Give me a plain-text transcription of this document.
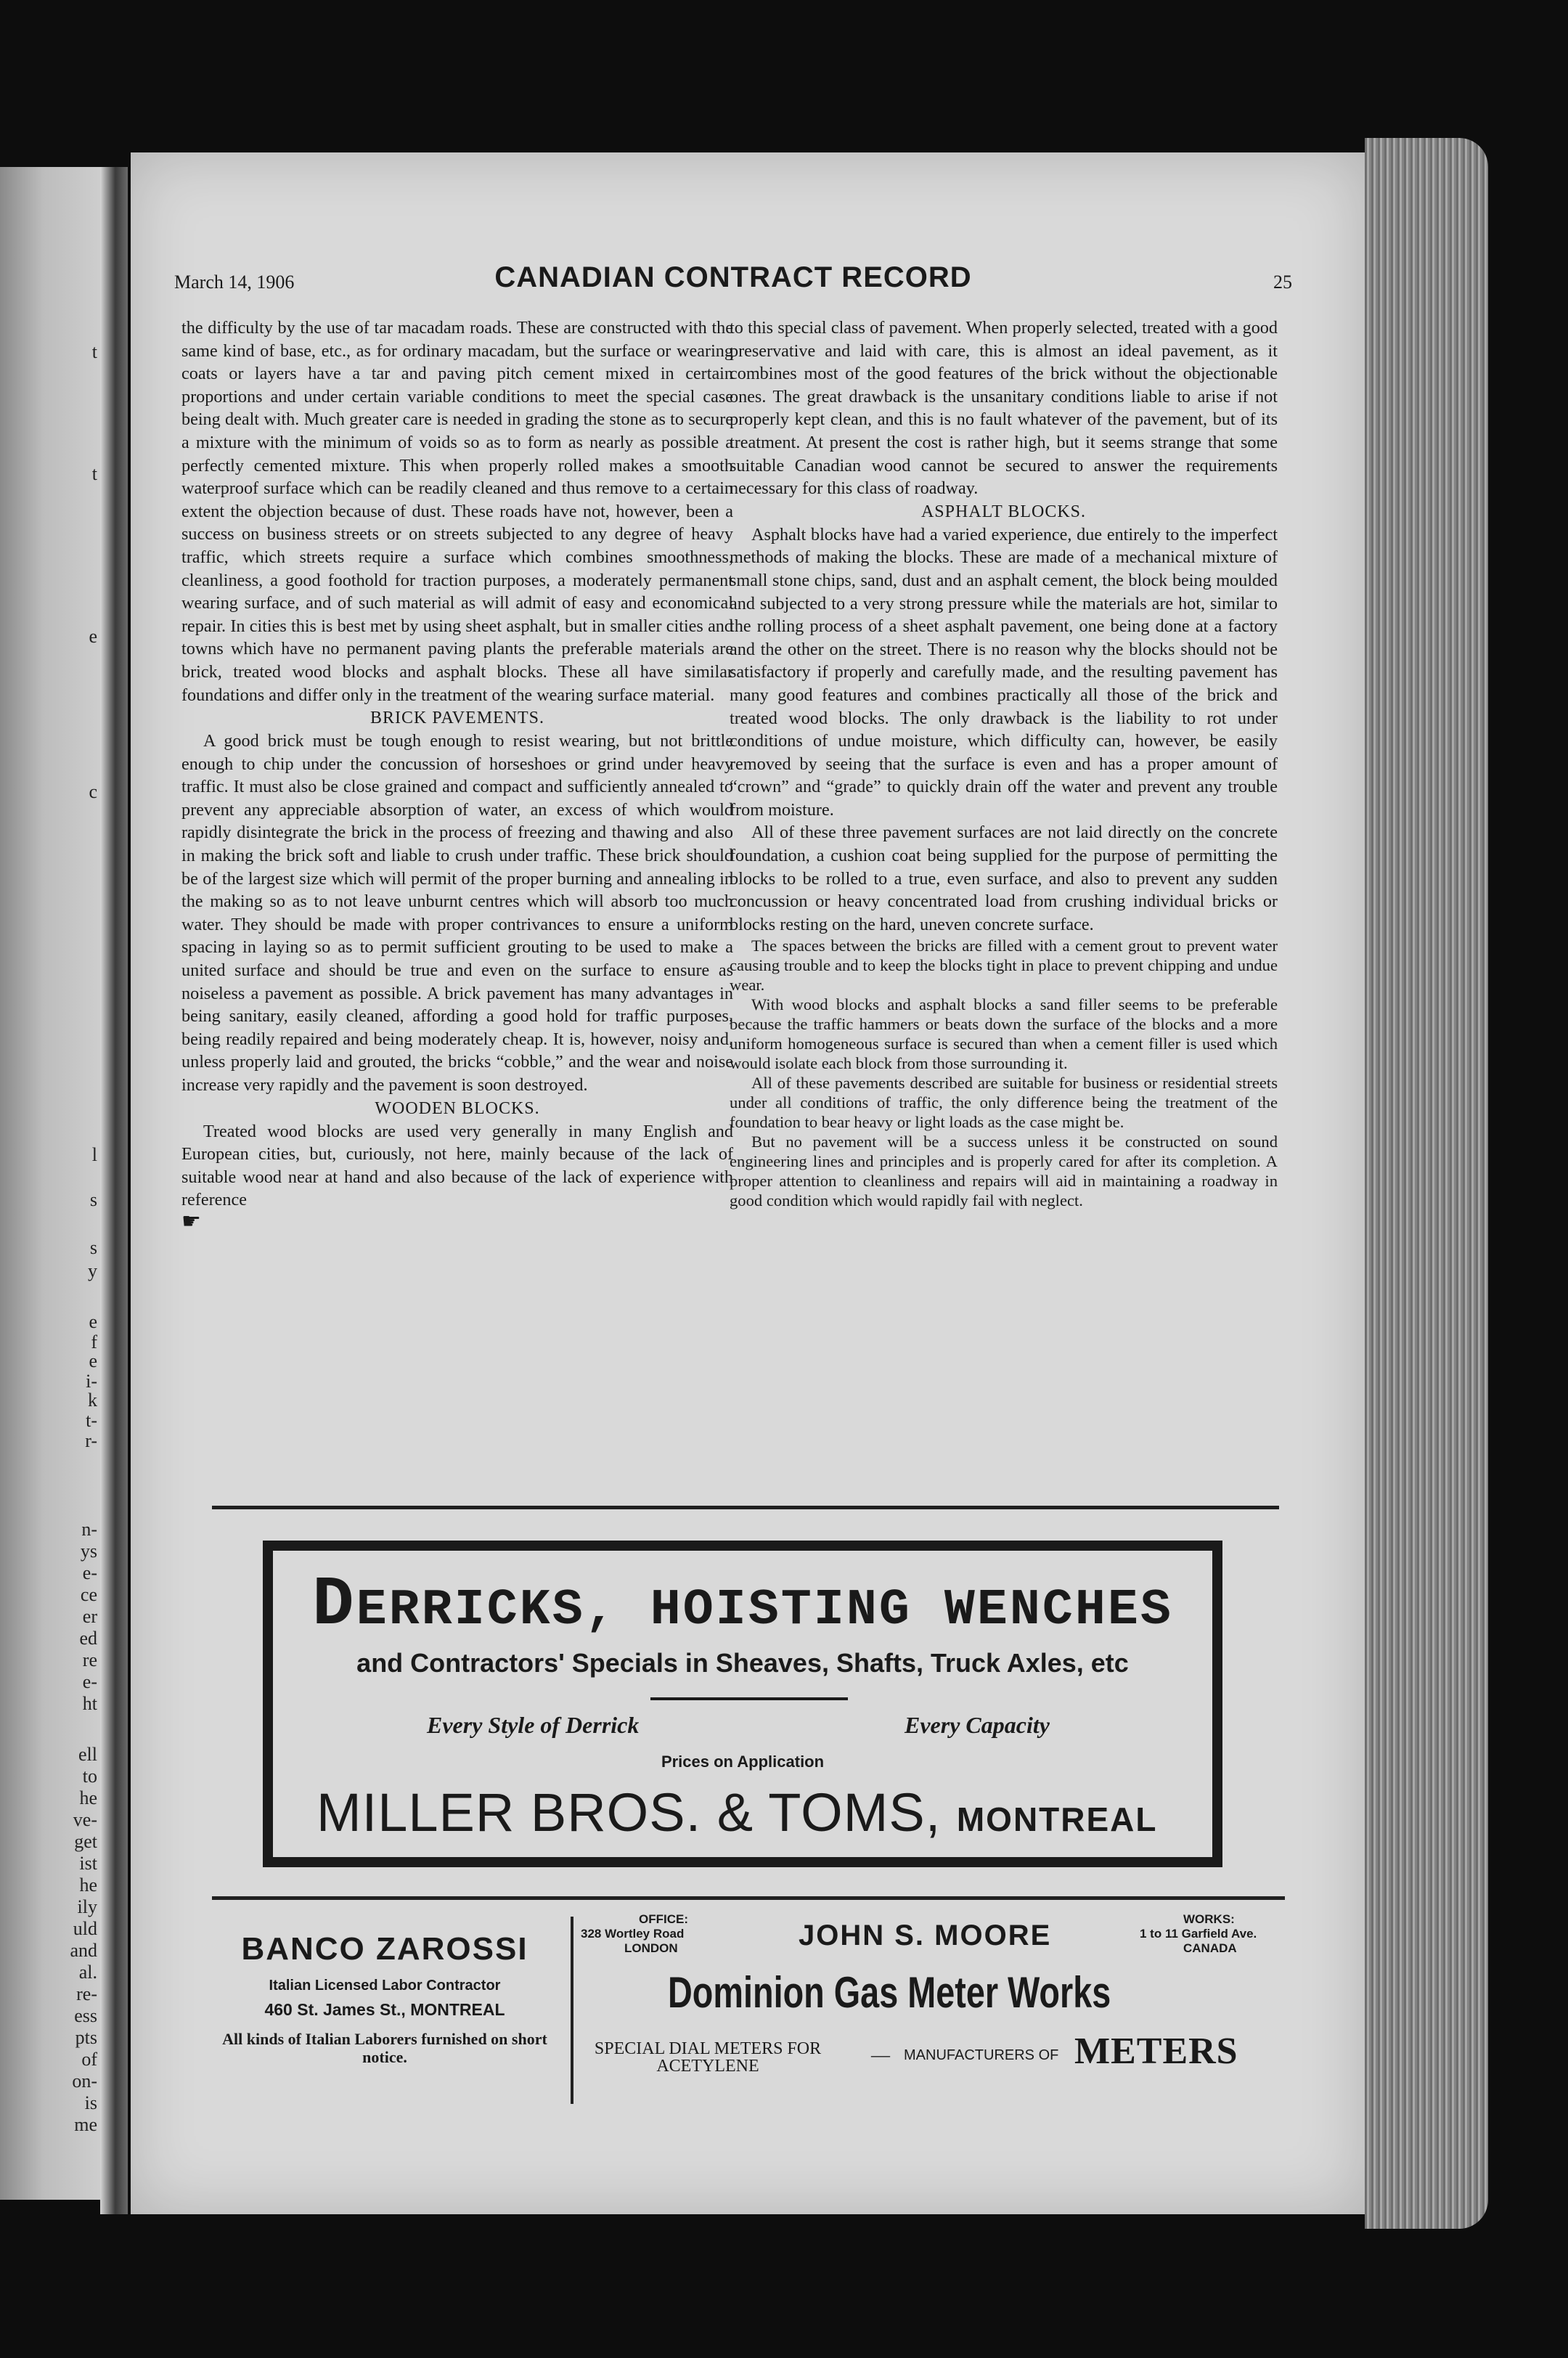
t
t
e
c
l
s
s
y
e
f
e
i-
k
t-
r-
n-
ys
e-
ce
er
ed
re
e-
ht
ell
to
he
ve-
get
ist
he
ily
uld
and
al.
re-
ess
pts
of
on-
is
me
March 14, 1906	CANADIAN CONTRACT RECORD	25

the difficulty by the use of tar macadam roads. These are constructed with the same kind of base, etc., as for ordinary macadam, but the surface or wearing coats or layers have a tar and paving pitch cement mixed in certain proportions and under certain variable conditions to meet the special case being dealt with. Much greater care is needed in grading the stone as to secure a mixture with the minimum of voids so as to form as nearly as possible a perfectly cemented mixture. This when properly rolled makes a smooth waterproof surface which can be readily cleaned and thus remove to a certain extent the objection because of dust. These roads have not, however, been a success on business streets or on streets subjected to any degree of heavy traffic, which streets require a surface which combines smoothness, cleanliness, a good foothold for traction purposes, a moderately permanent wearing surface, and of such material as will admit of easy and economical repair. In cities this is best met by using sheet asphalt, but in smaller cities and towns which have no permanent paving plants the preferable materials are brick, treated wood blocks and asphalt blocks. These all have similar foundations and differ only in the treatment of the wearing surface material.

BRICK PAVEMENTS.

A good brick must be tough enough to resist wearing, but not brittle enough to chip under the concussion of horseshoes or grind under heavy traffic. It must also be close grained and compact and sufficiently annealed to prevent any appreciable absorption of water, an excess of which would rapidly disintegrate the brick in the process of freezing and thawing and also in making the brick soft and liable to crush under traffic. These brick should be of the largest size which will permit of the proper burning and annealing in the making so as to not leave unburnt centres which will absorb too much water. They should be made with proper contrivances to ensure a uniform spacing in laying so as to permit sufficient grouting to be used to make a united surface and should be true and even on the surface to ensure as noiseless a pavement as possible. A brick pavement has many advantages in being sanitary, easily cleaned, affording a good hold for traffic purposes, being readily repaired and being moderately cheap. It is, however, noisy and, unless properly laid and grouted, the bricks “cobble,” and the wear and noise increase very rapidly and the pavement is soon destroyed.

WOODEN BLOCKS.

Treated wood blocks are used very generally in many English and European cities, but, curiously, not here, mainly because of the lack of suitable wood near at hand and also because of the lack of experience with reference

☛

to this special class of pavement. When properly selected, treated with a good preservative and laid with care, this is almost an ideal pavement, as it combines most of the good features of the brick without the objectionable ones. The great drawback is the unsanitary conditions liable to arise if not properly kept clean, and this is no fault whatever of the pavement, but of its treatment. At present the cost is rather high, but it seems strange that some suitable Canadian wood cannot be secured to answer the requirements necessary for this class of roadway.

ASPHALT BLOCKS.

Asphalt blocks have had a varied experience, due entirely to the imperfect methods of making the blocks. These are made of a mechanical mixture of small stone chips, sand, dust and an asphalt cement, the block being moulded and subjected to a very strong pressure while the materials are hot, similar to the rolling process of a sheet asphalt pavement, one being done at a factory and the other on the street. There is no reason why the blocks should not be satisfactory if properly and carefully made, and the resulting pavement has many good features and combines practically all those of the brick and treated wood blocks. The only drawback is the liability to rot under conditions of undue moisture, which difficulty can, however, be easily removed by seeing that the surface is even and has a proper amount of “crown” and “grade” to quickly drain off the water and prevent any trouble from moisture.

All of these three pavement surfaces are not laid directly on the concrete foundation, a cushion coat being supplied for the purpose of permitting the blocks to be rolled to a true, even surface, and also to prevent any sudden concussion or heavy concentrated load from crushing individual bricks or blocks resting on the hard, uneven concrete surface.

The spaces between the bricks are filled with a cement grout to prevent water causing trouble and to keep the blocks tight in place to prevent chipping and undue wear.

With wood blocks and asphalt blocks a sand filler seems to be preferable because the traffic hammers or beats down the surface of the blocks and a more uniform homogeneous surface is secured than when a cement filler is used which would isolate each block from those surrounding it.

All of these pavements described are suitable for business or residential streets under all conditions of traffic, the only difference being the treatment of the foundation to bear heavy or light loads as the case might be.

But no pavement will be a success unless it be constructed on sound engineering lines and principles and is properly cared for after its completion. A proper attention to cleanliness and repairs will aid in maintaining a roadway in good condition which would rapidly fail with neglect.

DERRICKS, HOISTING WENCHES
and Contractors' Specials in Sheaves, Shafts, Truck Axles, etc
Every Style of Derrick	Every Capacity
Prices on Application
MILLER BROS. & TOMS, MONTREAL
BANCO ZAROSSI
Italian Licensed Labor Contractor
460 St. James St., MONTREAL
All kinds of Italian Laborers furnished on short notice.
OFFICE:
328 Wortley Road
LONDON	JOHN S. MOORE
WORKS:
1 to 11 Garfield Ave.
CANADA
Dominion Gas Meter Works
SPECIAL DIAL METERS FOR ACETYLENE
— MANUFACTURERS OF METERS
